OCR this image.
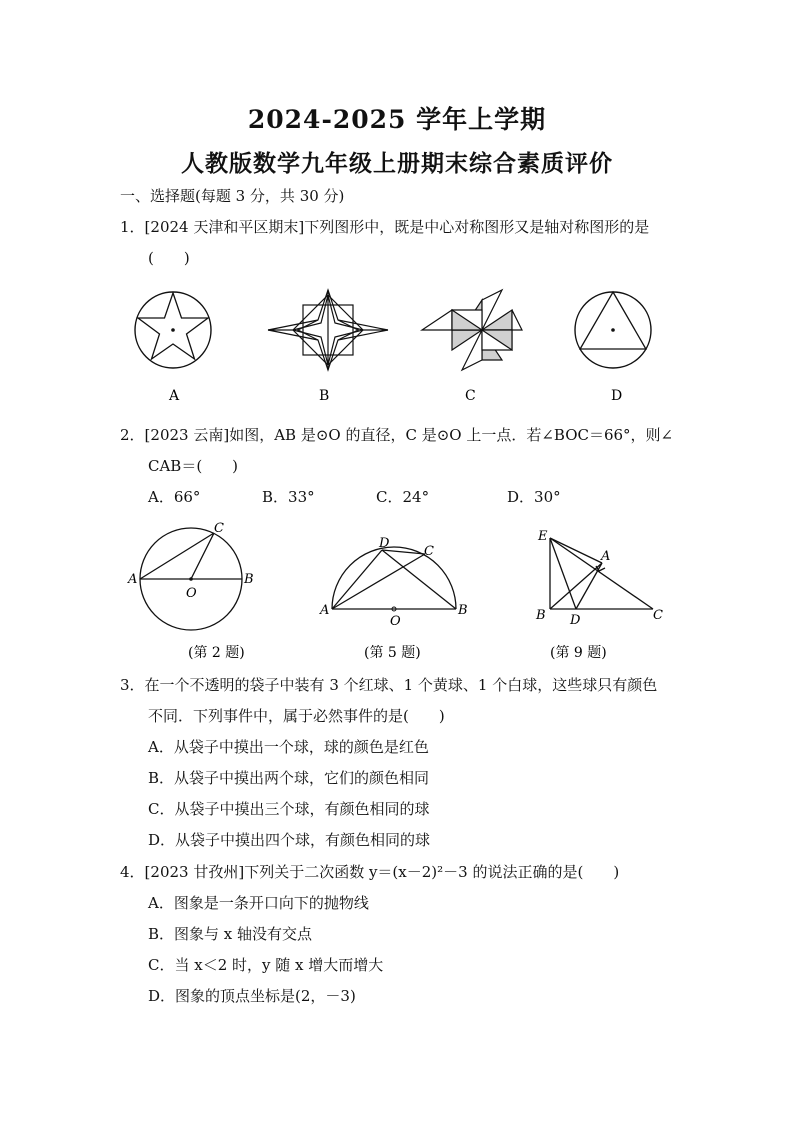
2024-2025 学年上学期
人教版数学九年级上册期末综合素质评价
一、选择题(每题 3 分，共 30 分)
1．[2024 天津和平区期末]下列图形中，既是中心对称图形又是轴对称图形的是
(　　)
A	B	C	D
2．[2023 云南]如图，AB 是⊙O 的直径，C 是⊙O 上一点．若∠BOC＝66°，则∠
CAB＝(　　)
A．66°	B．33°	C．24°	D．30°
A	B
C
O
A	B
C
D
O
E
A
B D	C
(第 2 题)	(第 5 题)	(第 9 题)
3．在一个不透明的袋子中装有 3 个红球、1 个黄球、1 个白球，这些球只有颜色
不同．下列事件中，属于必然事件的是(　　)
A．从袋子中摸出一个球，球的颜色是红色
B．从袋子中摸出两个球，它们的颜色相同
C．从袋子中摸出三个球，有颜色相同的球
D．从袋子中摸出四个球，有颜色相同的球
4．[2023 甘孜州]下列关于二次函数 y＝(x－2)²－3 的说法正确的是(　　)
A．图象是一条开口向下的抛物线
B．图象与 x 轴没有交点
C．当 x＜2 时，y 随 x 增大而增大
D．图象的顶点坐标是(2，－3)
